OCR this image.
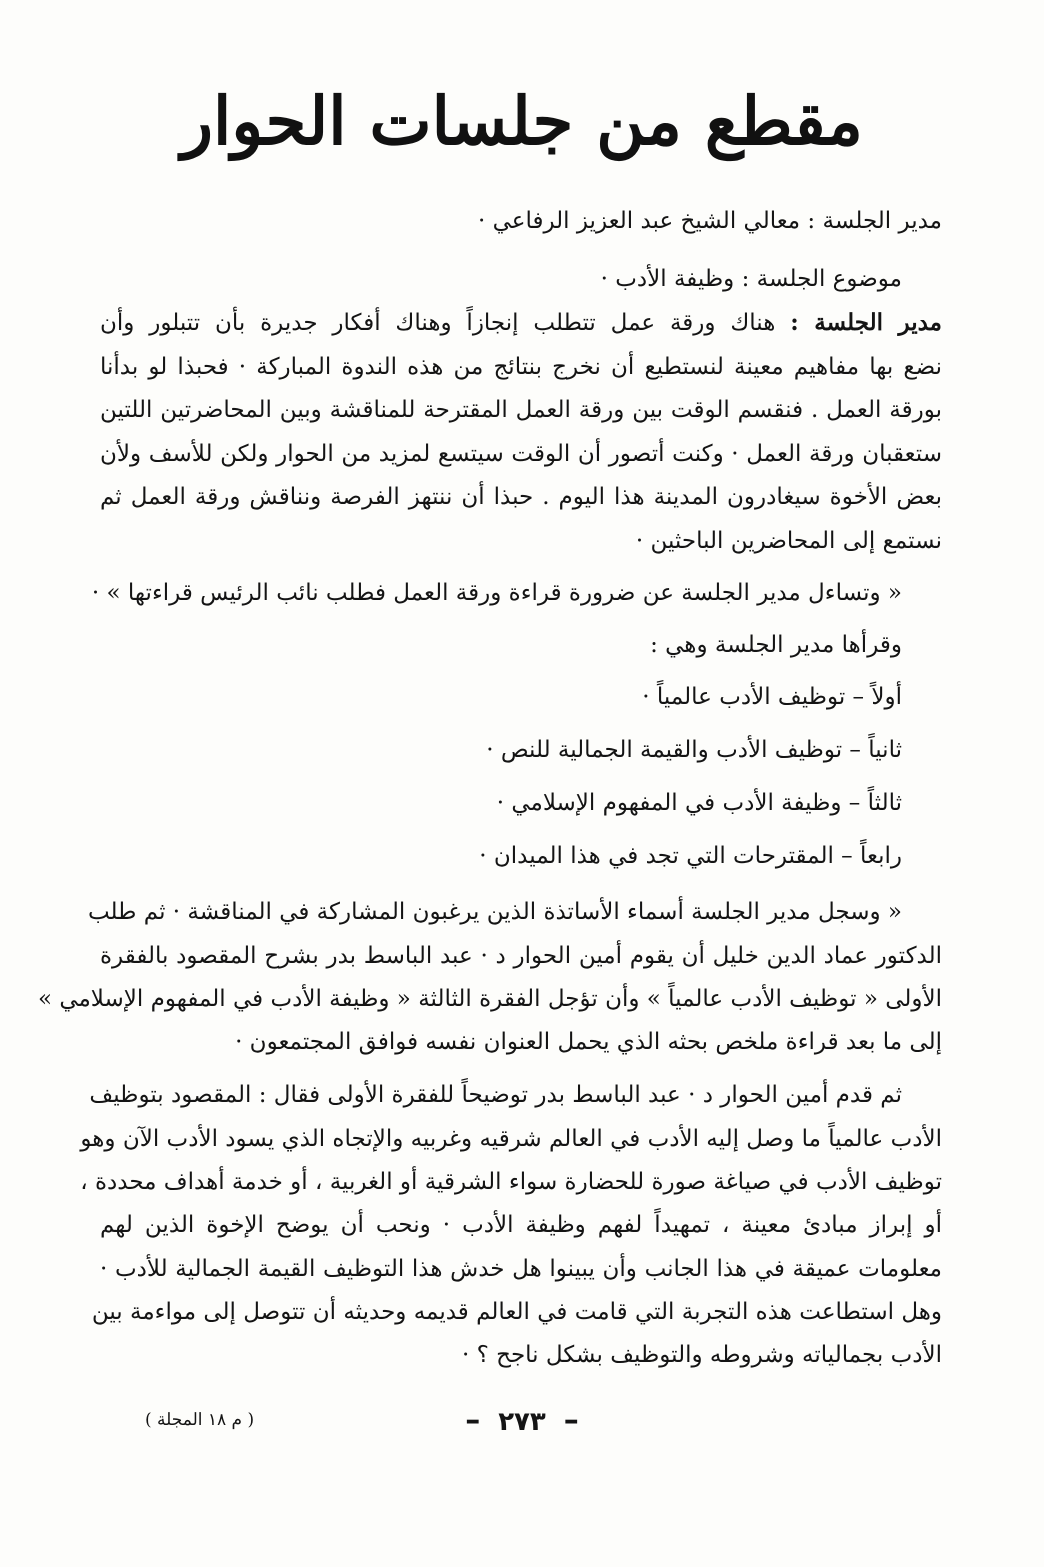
مقطع من جلسات الحوار
مدير الجلسة : معالي الشيخ عبد العزيز الرفاعي ·
موضوع الجلسة : وظيفة الأدب ·
مدير الجلسة : هناك ورقة عمل تتطلب إنجازاً وهناك أفكار جديرة بأن تتبلور وأن
نضع بها مفاهيم معينة لنستطيع أن نخرج بنتائج من هذه الندوة المباركة · فحبذا لو بدأنا
بورقة العمل . فنقسم الوقت بين ورقة العمل المقترحة للمناقشة وبين المحاضرتين اللتين
ستعقبان ورقة العمل · وكنت أتصور أن الوقت سيتسع لمزيد من الحوار ولكن للأسف ولأن
بعض الأخوة سيغادرون المدينة هذا اليوم . حبذا أن ننتهز الفرصة ونناقش ورقة العمل ثم
نستمع إلى المحاضرين الباحثين ·
« وتساءل مدير الجلسة عن ضرورة قراءة ورقة العمل فطلب نائب الرئيس قراءتها » ·
وقرأها مدير الجلسة وهي :
أولاً – توظيف الأدب عالمياً ·
ثانياً – توظيف الأدب والقيمة الجمالية للنص ·
ثالثاً – وظيفة الأدب في المفهوم الإسلامي ·
رابعاً – المقترحات التي تجد في هذا الميدان ·
« وسجل مدير الجلسة أسماء الأساتذة الذين يرغبون المشاركة في المناقشة · ثم طلب
الدكتور عماد الدين خليل أن يقوم أمين الحوار د · عبد الباسط بدر بشرح المقصود بالفقرة
الأولى « توظيف الأدب عالمياً » وأن تؤجل الفقرة الثالثة « وظيفة الأدب في المفهوم الإسلامي »
إلى ما بعد قراءة ملخص بحثه الذي يحمل العنوان نفسه فوافق المجتمعون ·
ثم قدم أمين الحوار د · عبد الباسط بدر توضيحاً للفقرة الأولى فقال : المقصود بتوظيف
الأدب عالمياً ما وصل إليه الأدب في العالم شرقيه وغربيه والإتجاه الذي يسود الأدب الآن وهو
توظيف الأدب في صياغة صورة للحضارة سواء الشرقية أو الغربية ، أو خدمة أهداف محددة ،
أو إبراز مبادئ معينة ، تمهيداً لفهم وظيفة الأدب · ونحب أن يوضح الإخوة الذين لهم
معلومات عميقة في هذا الجانب وأن يبينوا هل خدش هذا التوظيف القيمة الجمالية للأدب ·
وهل استطاعت هذه التجربة التي قامت في العالم قديمه وحديثه أن تتوصل إلى مواءمة بين
الأدب بجمالياته وشروطه والتوظيف بشكل ناجح ؟ ·
–٢٧٣–
( م ١٨ المجلة )
